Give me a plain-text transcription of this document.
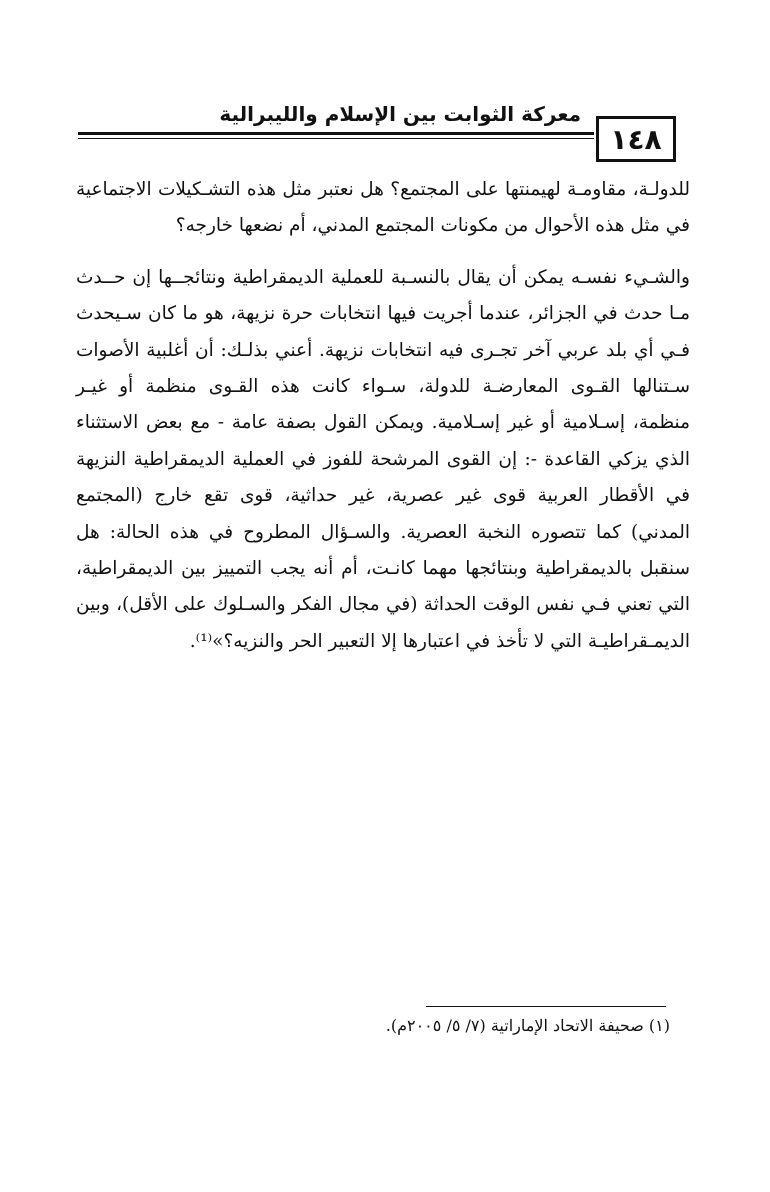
معركة الثوابت بين الإسلام والليبرالية
١٤٨

للدولـة، مقاومـة لهيمنتها على المجتمع؟ هل نعتبر مثل هذه التشـكيلات الاجتماعية في مثل هذه الأحوال من مكونات المجتمع المدني، أم نضعها خارجه؟

والشـيء نفسـه يمكن أن يقال بالنسـبة للعملية الديمقراطية ونتائجــها إن حــدث مـا حدث في الجزائر، عندما أجريت فيها انتخابات حرة نزيهة، هو ما كان سـيحدث فـي أي بلد عربي آخر تجـرى فيه انتخابات نزيهة. أعني بذلـك: أن أغلبية الأصوات سـتنالها القـوى المعارضـة للدولة، سـواء كانت هذه القـوى منظمة أو غيـر منظمة، إسـلامية أو غير إسـلامية. ويمكن القول بصفة عامة - مع بعض الاستثناء الذي يزكي القاعدة -: إن القوى المرشحة للفوز في العملية الديمقراطية النزيهة في الأقطار العربية قوى غير عصرية، غير حداثية، قوى تقع خارج (المجتمع المدني) كما تتصوره النخبة العصرية. والسـؤال المطروح في هذه الحالة: هل سنقبل بالديمقراطية وبنتائجها مهما كانـت، أم أنه يجب التمييز بين الديمقراطية، التي تعني فـي نفس الوقت الحداثة (في مجال الفكر والسـلوك على الأقل)، وبين الديمـقراطيـة التي لا تأخذ في اعتبارها إلا التعبير الحر والنزيه؟»⁽¹⁾.

(١) صحيفة الاتحاد الإماراتية (٧/ ٥/ ٢٠٠٥م).
